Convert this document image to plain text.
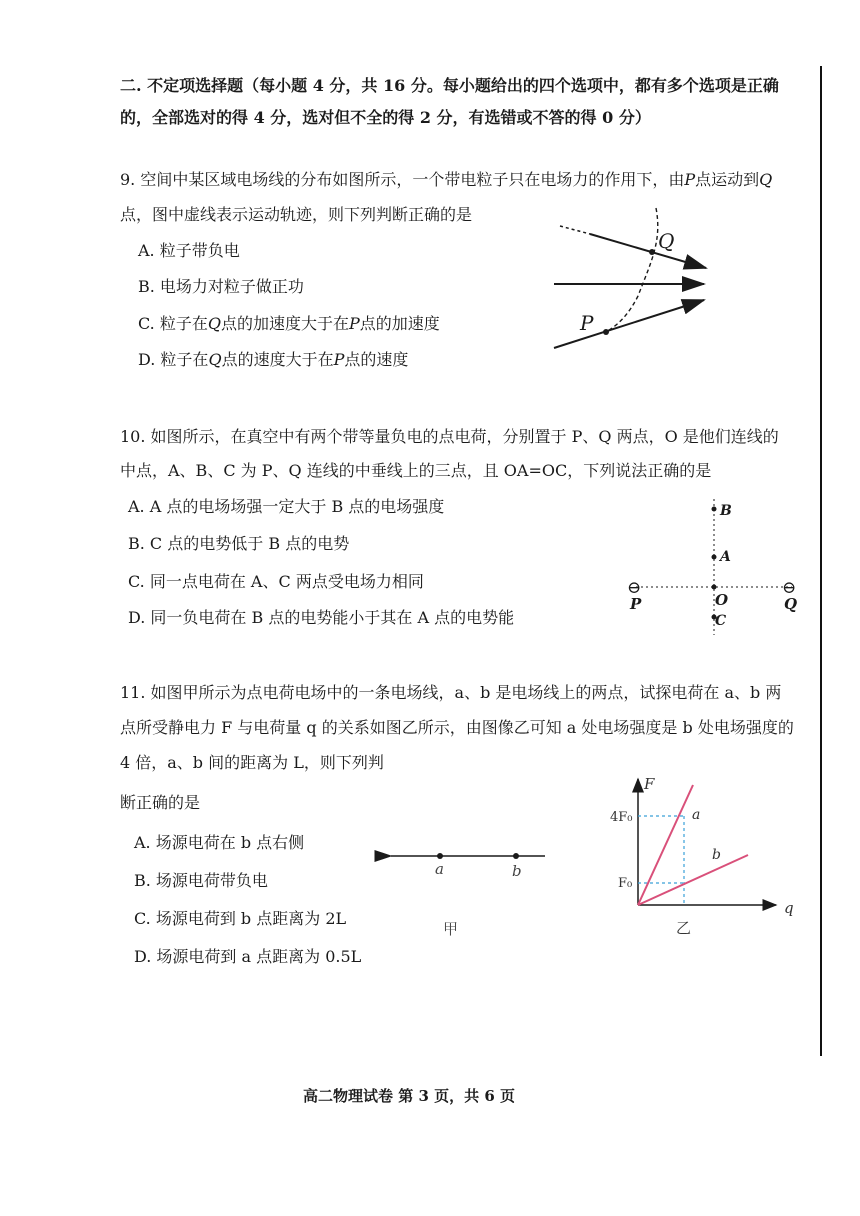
二. 不定项选择题（每小题 4 分，共 16 分。每小题给出的四个选项中，都有多个选项是正确
的，全部选对的得 4 分，选对但不全的得 2 分，有选错或不答的得 0 分）
9. 空间中某区域电场线的分布如图所示，一个带电粒子只在电场力的作用下，由P点运动到Q
点，图中虚线表示运动轨迹，则下列判断正确的是
A. 粒子带负电
B. 电场力对粒子做正功
C. 粒子在Q点的加速度大于在P点的加速度
D. 粒子在Q点的速度大于在P点的速度
Q
P
10. 如图所示，在真空中有两个带等量负电的点电荷，分别置于 P、Q 两点，O 是他们连线的
中点，A、B、C 为 P、Q 连线的中垂线上的三点，且 OA=OC，下列说法正确的是
A. A 点的电场场强一定大于 B 点的电场强度
B. C 点的电势低于 B 点的电势
C. 同一点电荷在 A、C 两点受电场力相同
D. 同一负电荷在 B 点的电势能小于其在 A 点的电势能
⊖	⊖
B
A
O
C
P	Q
11. 如图甲所示为点电荷电场中的一条电场线，a、b 是电场线上的两点，试探电荷在 a、b 两
点所受静电力 F 与电荷量 q 的关系如图乙所示，由图像乙可知 a 处电场强度是 b 处电场强度的
4 倍，a、b 间的距离为 L，则下列判
断正确的是
A. 场源电荷在 b 点右侧
B. 场源电荷带负电
C. 场源电荷到 b 点距离为 2L
D. 场源电荷到 a 点距离为 0.5L
a	b
甲
F
q
4F₀
F₀
a
b
乙
高二物理试卷 第 3 页，共 6 页
